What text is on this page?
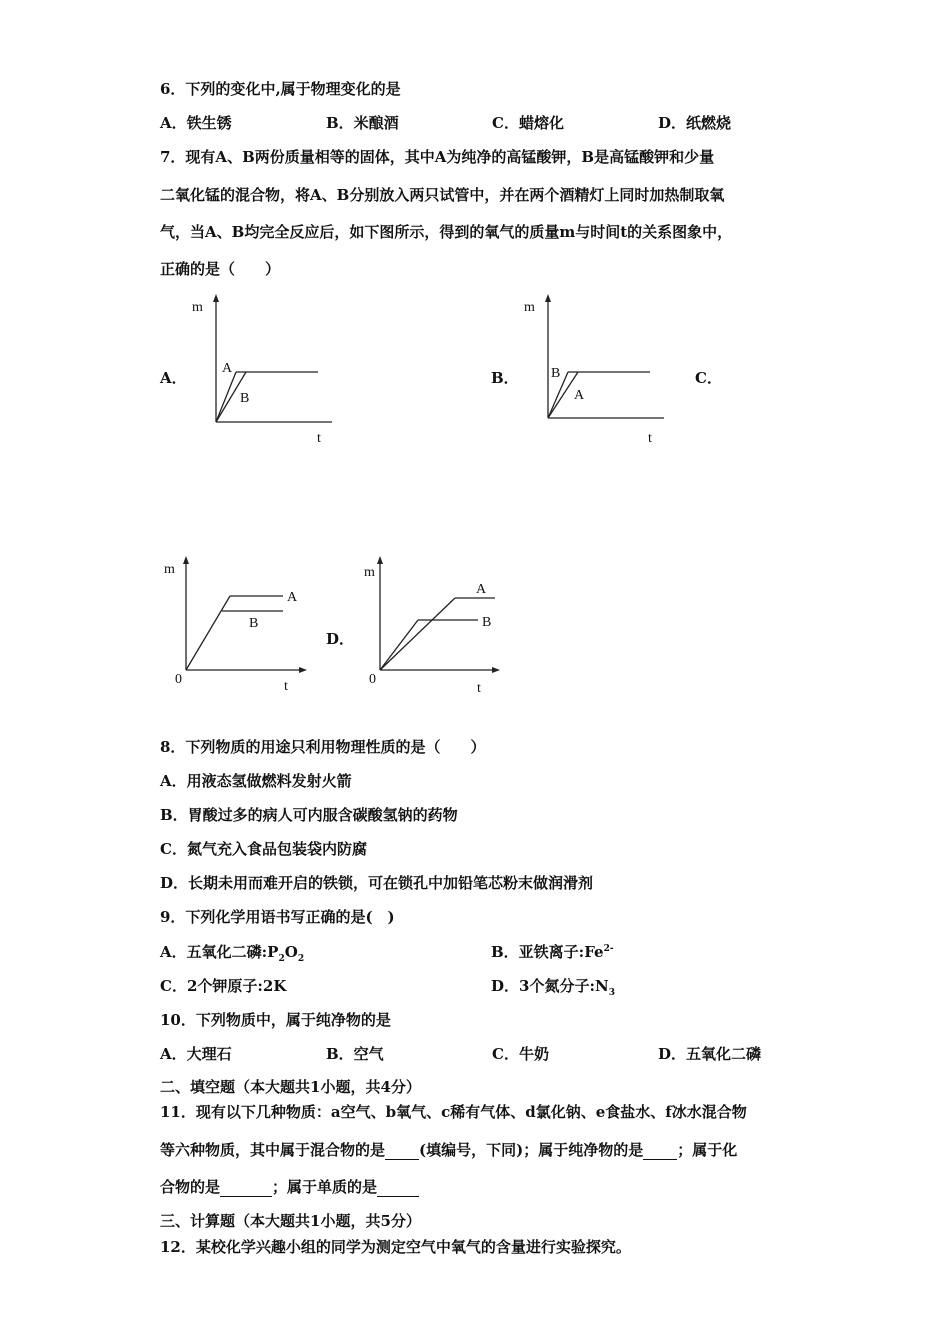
6．下列的变化中,属于物理变化的是
A．铁生锈	B．米酿酒	C．蜡熔化	D．纸燃烧
7．现有A、B两份质量相等的固体，其中A为纯净的高锰酸钾，B是高锰酸钾和少量
二氧化锰的混合物，将A、B分别放入两只试管中，并在两个酒精灯上同时加热制取氧
气，当A、B均完全反应后，如下图所示，得到的氧气的质量m与时间t的关系图象中，
正确的是（　　）
A．	B．	C．
D．
m
t
A
B
m
t
B
A
m
0	t
A
B
m
0
t
A
B
8．下列物质的用途只利用物理性质的是（　　）
A．用液态氢做燃料发射火箭
B．胃酸过多的病人可内服含碳酸氢钠的药物
C．氮气充入食品包装袋内防腐
D．长期未用而难开启的铁锁，可在锁孔中加铅笔芯粉末做润滑剂
9．下列化学用语书写正确的是(　)
A．五氧化二磷$:P_2O_2$	B．亚铁离子$:Fe^{2-}$
C．2个钾原子:2K	D．3个氮分子$:N_3$
10．下列物质中，属于纯净物的是
A．大理石	B．空气	C．牛奶	D．五氧化二磷
二、填空题（本大题共1小题，共4分）
11．现有以下几种物质：a空气、b氧气、c稀有气体、d氯化钠、e食盐水、f冰水混合物
等六种物质，其中属于混合物的是 (填编号，下同)；属于纯净物的是 ；属于化
合物的是	；属于单质的是
三、计算题（本大题共1小题，共5分）
12．某校化学兴趣小组的同学为测定空气中氧气的含量进行实验探究。
